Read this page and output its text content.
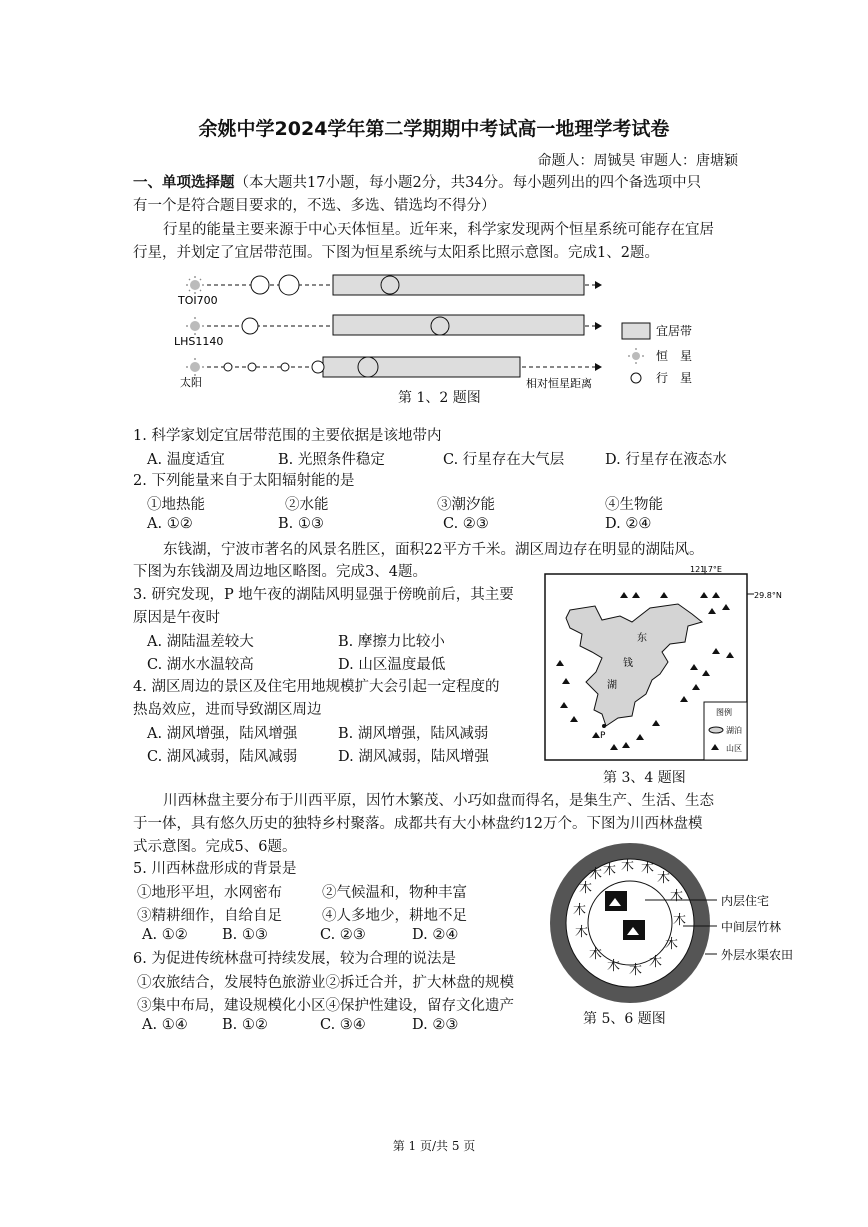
余姚中学2024学年第二学期期中考试高一地理学考试卷
命题人：周铖昊 审题人：唐塘颖
一、单项选择题（本大题共17小题，每小题2分，共34分。每小题列出的四个备选项中只
有一个是符合题目要求的，不选、多选、错选均不得分）
行星的能量主要来源于中心天体恒星。近年来，科学家发现两个恒星系统可能存在宜居
行星，并划定了宜居带范围。下图为恒星系统与太阳系比照示意图。完成1、2题。
TOI700
LHS1140
太阳	相对恒星距离
宜居带
恒　星
行　星
第 1、2 题图
1. 科学家划定宜居带范围的主要依据是该地带内
A. 温度适宜	B. 光照条件稳定	C. 行星存在大气层	D. 行星存在液态水
2. 下列能量来自于太阳辐射能的是
①地热能	②水能	③潮汐能	④生物能
A. ①②	B. ①③	C. ②③	D. ②④
东钱湖，宁波市著名的风景名胜区，面积22平方千米。湖区周边存在明显的湖陆风。
下图为东钱湖及周边地区略图。完成3、4题。
3. 研究发现，P 地午夜的湖陆风明显强于傍晚前后，其主要
原因是午夜时
A. 湖陆温差较大	B. 摩擦力比较小
C. 湖水水温较高	D. 山区温度最低
4. 湖区周边的景区及住宅用地规模扩大会引起一定程度的
热岛效应，进而导致湖区周边
A. 湖风增强，陆风增强	B. 湖风增强，陆风减弱
C. 湖风减弱，陆风减弱	D. 湖风减弱，陆风增强
121.7°E
29.8°N
东
钱
湖
P
图例
湖泊
山区
第 3、4 题图
川西林盘主要分布于川西平原，因竹木繁茂、小巧如盘而得名，是集生产、生活、生态
于一体，具有悠久历史的独特乡村聚落。成都共有大小林盘约12万个。下图为川西林盘模
式示意图。完成5、6题。
5. 川西林盘形成的背景是
①地形平坦，水网密布	②气候温和，物种丰富
③精耕细作，自给自足	④人多地少，耕地不足
A. ①② B. ①③	C. ②③	D. ②④
6. 为促进传统林盘可持续发展，较为合理的说法是
①农旅结合，发展特色旅游业②拆迁合并，扩大林盘的规模
③集中布局，建设规模化小区④保护性建设，留存文化遗产
A. ①④ B. ①②	C. ③④	D. ②③
⽊ ⽊ ⽊
⽊
⽊
⽊
⽊
⽊
⽊
⽊
⽊
⽊
⽊
⽊
⽊
内层住宅
中间层竹林
外层水渠农田
第 5、6 题图
第 1 页/共 5 页
